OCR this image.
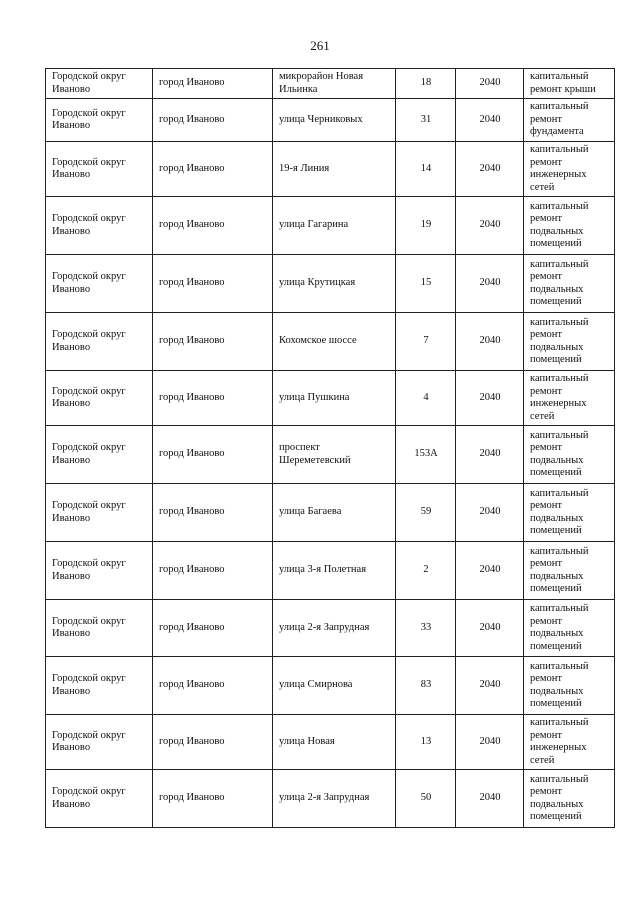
261
Городской округ Иваново	город Иваново	микрорайон Новая Ильинка	18	2040	капитальный ремонт крыши
Городской округ Иваново	город Иваново	улица Черниковых	31	2040	капитальный ремонт фундамента
Городской округ Иваново	город Иваново	19-я Линия	14	2040	капитальный ремонт инженерных сетей
Городской округ Иваново	город Иваново	улица Гагарина	19	2040	капитальный ремонт подвальных помещений
Городской округ Иваново	город Иваново	улица Крутицкая	15	2040	капитальный ремонт подвальных помещений
Городской округ Иваново	город Иваново	Кохомское шоссе	7	2040	капитальный ремонт подвальных помещений
Городской округ Иваново	город Иваново	улица Пушкина	4	2040	капитальный ремонт инженерных сетей
Городской округ Иваново	город Иваново	проспект Шереметевский	153А	2040	капитальный ремонт подвальных помещений
Городской округ Иваново	город Иваново	улица Багаева	59	2040	капитальный ремонт подвальных помещений
Городской округ Иваново	город Иваново	улица 3-я Полетная	2	2040	капитальный ремонт подвальных помещений
Городской округ Иваново	город Иваново	улица 2-я Запрудная	33	2040	капитальный ремонт подвальных помещений
Городской округ Иваново	город Иваново	улица Смирнова	83	2040	капитальный ремонт подвальных помещений
Городской округ Иваново	город Иваново	улица Новая	13	2040	капитальный ремонт инженерных сетей
Городской округ Иваново	город Иваново	улица 2-я Запрудная	50	2040	капитальный ремонт подвальных помещений
